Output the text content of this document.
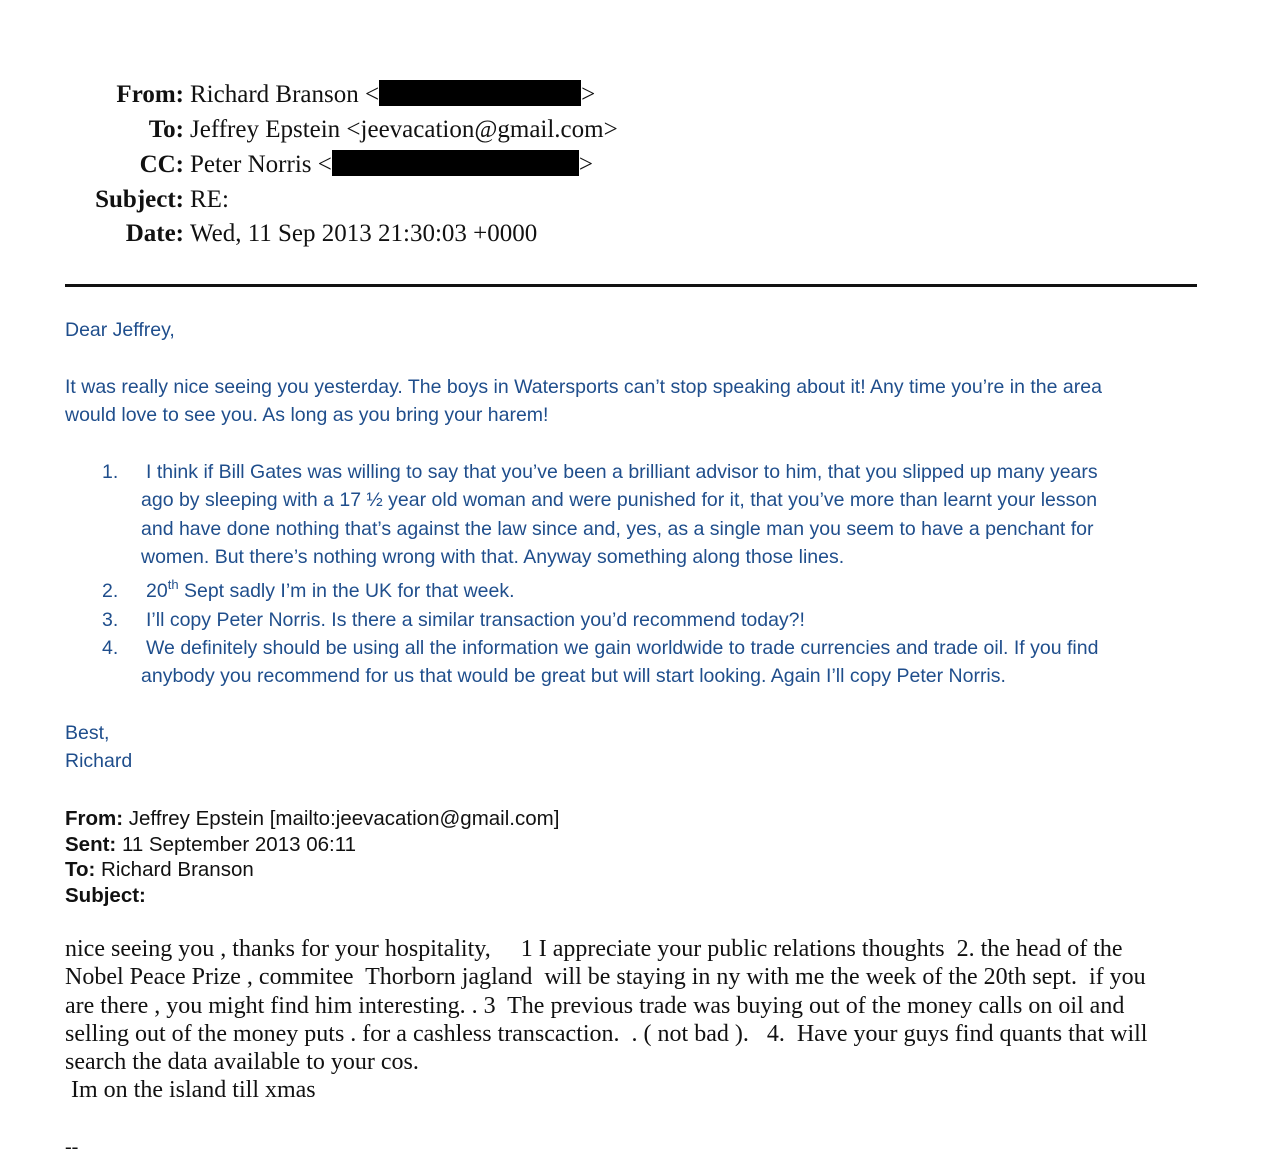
From: Richard Branson <	>
To: Jeffrey Epstein <jeevacation@gmail.com>
CC: Peter Norris <	>
Subject: RE:
Date: Wed, 11 Sep 2013 21:30:03 +0000
Dear Jeffrey,
It was really nice seeing you yesterday. The boys in Watersports can’t stop speaking about it! Any time you’re in the area
would love to see you. As long as you bring your harem!
1.	I think if Bill Gates was willing to say that you’ve been a brilliant advisor to him, that you slipped up many years
ago by sleeping with a 17 ½ year old woman and were punished for it, that you’ve more than learnt your lesson
and have done nothing that’s against the law since and, yes, as a single man you seem to have a penchant for
women. But there’s nothing wrong with that. Anyway something along those lines.
2.	20th Sept sadly I’m in the UK for that week.
3.	I’ll copy Peter Norris. Is there a similar transaction you’d recommend today?!
4.	We definitely should be using all the information we gain worldwide to trade currencies and trade oil. If you find
anybody you recommend for us that would be great but will start looking. Again I’ll copy Peter Norris.
Best,
Richard
From: Jeffrey Epstein [mailto:jeevacation@gmail.com]
Sent: 11 September 2013 06:11
To: Richard Branson
Subject:
nice seeing you , thanks for your hospitality,     1 I appreciate your public relations thoughts  2. the head of the
Nobel Peace Prize , commitee  Thorborn jagland  will be staying in ny with me the week of the 20th sept.  if you
are there , you might find him interesting. . 3  The previous trade was buying out of the money calls on oil and
selling out of the money puts . for a cashless transcaction.  . ( not bad ).   4.  Have your guys find quants that will
search the data available to your cos.
Im on the island till xmas
--
